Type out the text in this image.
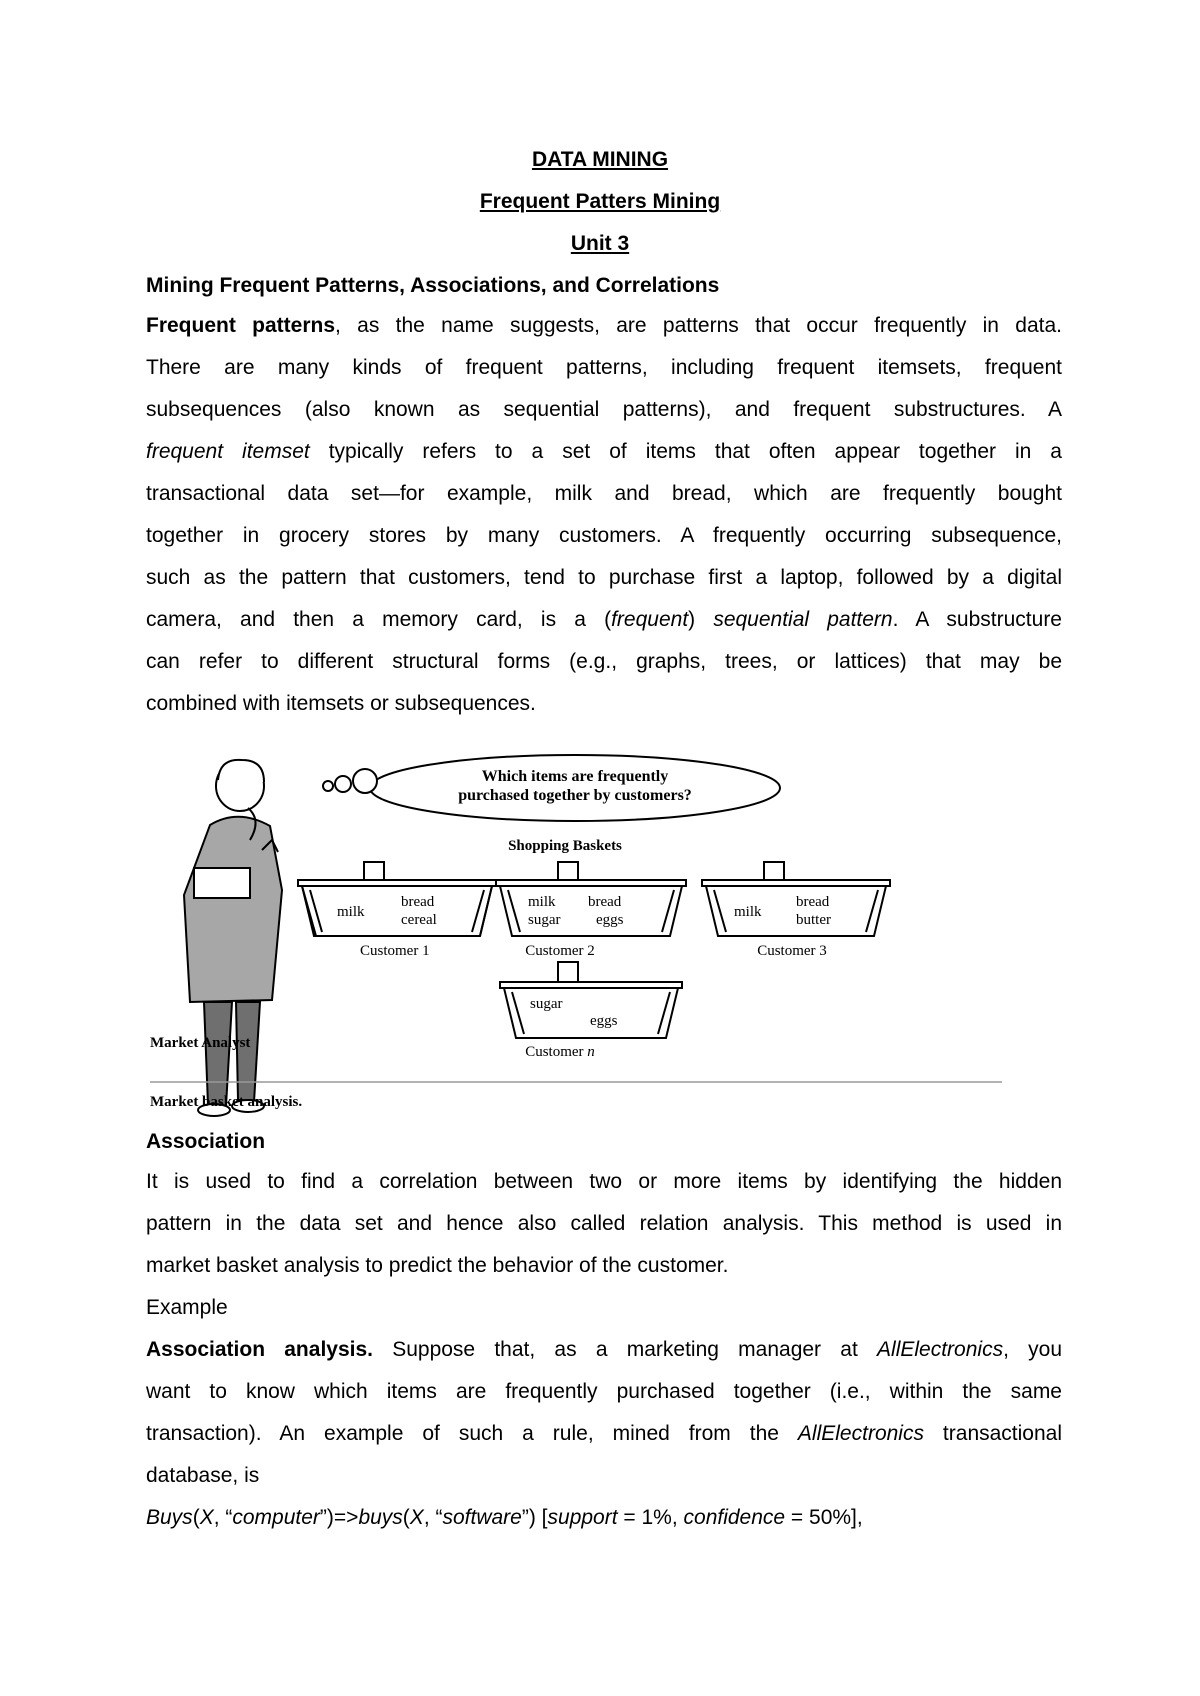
DATA MINING
Frequent Patters Mining
Unit 3
Mining Frequent Patterns, Associations, and Correlations
Frequent patterns, as the name suggests, are patterns that occur frequently in data.
There are many kinds of frequent patterns, including frequent itemsets, frequent
subsequences (also known as sequential patterns), and frequent substructures. A
frequent itemset typically refers to a set of items that often appear together in a
transactional data set—for example, milk and bread, which are frequently bought
together in grocery stores by many customers. A frequently occurring subsequence,
such as the pattern that customers, tend to purchase first a laptop, followed by a digital
camera, and then a memory card, is a (frequent) sequential pattern. A substructure
can refer to different structural forms (e.g., graphs, trees, or lattices) that may be
combined with itemsets or subsequences.
Which items are frequently
purchased together by customers?
Market Analyst
Shopping Baskets
bread
milk cereal
Customer 1
milk bread
sugar eggs
Customer 2
bread
milk butter
Customer 3
sugar
eggs
Customer n
Market basket analysis.
Association
It is used to find a correlation between two or more items by identifying the hidden
pattern in the data set and hence also called relation analysis. This method is used in
market basket analysis to predict the behavior of the customer.
Example
Association analysis. Suppose that, as a marketing manager at AllElectronics, you
want to know which items are frequently purchased together (i.e., within the same
transaction). An example of such a rule, mined from the AllElectronics transactional
database, is
Buys(X, “computer”)=>buys(X, “software”) [support = 1%, confidence = 50%],
